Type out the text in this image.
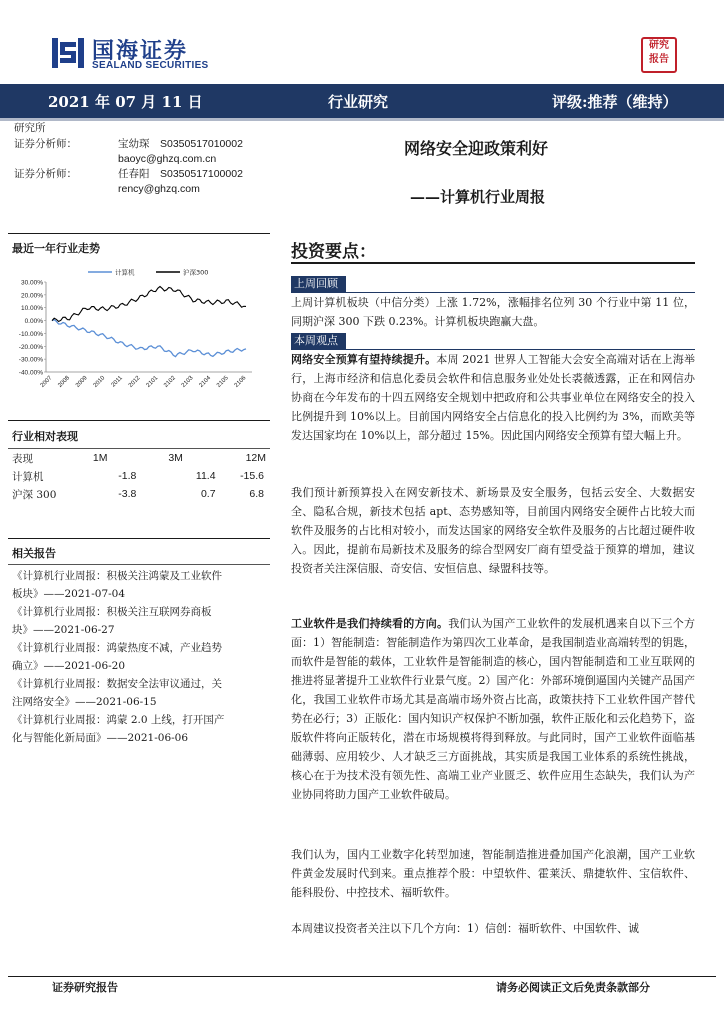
国海证券
SEALAND SECURITIES
研究 报告
2021 年 07 月 11 日	行业研究	评级:推荐（维持）
研究所
证券分析师：	宝幼琛 S0350517010002
baoyc@ghzq.com.cn
证券分析师：	任春阳 S0350517100002
rency@ghzq.com
网络安全迎政策利好
——计算机行业周报
最近一年行业走势
30.00%
20.00%
10.00%
0.00%
-10.00%
-20.00%
-30.00%
-40.00%
2007 2008 2009 2010 2011 2012 2101 2102 2103 2104 2105 2106
计算机	沪深300
行业相对表现
表现	1M	3M	12M
计算机	-1.8	11.4	-15.6
沪深 300	-3.8	0.7	6.8
相关报告
《计算机行业周报：积极关注鸿蒙及工业软件
板块》——2021-07-04
《计算机行业周报：积极关注互联网券商板
块》——2021-06-27
《计算机行业周报：鸿蒙热度不减，产业趋势
确立》——2021-06-20
《计算机行业周报：数据安全法审议通过，关
注网络安全》——2021-06-15
《计算机行业周报：鸿蒙 2.0 上线，打开国产
化与智能化新局面》——2021-06-06
投资要点：
上周回顾
上周计算机板块（中信分类）上涨 1.72%，涨幅排名位列 30 个行业中第 11 位，同期沪深 300 下跌 0.23%。计算机板块跑赢大盘。
本周观点
网络安全预算有望持续提升。本周 2021 世界人工智能大会安全高端对话在上海举行，上海市经济和信息化委员会软件和信息服务业处处长裘薇透露，正在和网信办协商在今年发布的十四五网络安全规划中把政府和公共事业单位在网络安全的投入比例提升到 10%以上。目前国内网络安全占信息化的投入比例约为 3%，而欧美等发达国家均在 10%以上，部分超过 15%。因此国内网络安全预算有望大幅上升。
我们预计新预算投入在网安新技术、新场景及安全服务，包括云安全、大数据安全、隐私合规，新技术包括 apt、态势感知等，目前国内网络安全硬件占比较大而软件及服务的占比相对较小，而发达国家的网络安全软件及服务的占比超过硬件收入。因此，提前布局新技术及服务的综合型网安厂商有望受益于预算的增加，建议投资者关注深信服、奇安信、安恒信息、绿盟科技等。
工业软件是我们持续看的方向。我们认为国产工业软件的发展机遇来自以下三个方面：1）智能制造：智能制造作为第四次工业革命，是我国制造业高端转型的钥匙，而软件是智能的载体，工业软件是智能制造的核心，国内智能制造和工业互联网的推进将显著提升工业软件行业景气度。2）国产化：外部环境倒逼国内关键产品国产化，我国工业软件市场尤其是高端市场外资占比高，政策扶持下工业软件国产替代势在必行；3）正版化：国内知识产权保护不断加强，软件正版化和云化趋势下，盗版软件将向正版转化，潜在市场规模将得到释放。与此同时，国产工业软件面临基础薄弱、应用较少、人才缺乏三方面挑战，其实质是我国工业体系的系统性挑战，核心在于为技术没有领先性、高端工业产业匮乏、软件应用生态缺失，我们认为产业协同将助力国产工业软件破局。
我们认为，国内工业数字化转型加速，智能制造推进叠加国产化浪潮，国产工业软件黄金发展时代到来。重点推荐个股：中望软件、霍莱沃、鼎捷软件、宝信软件、能科股份、中控技术、福昕软件。
本周建议投资者关注以下几个方向：1）信创：福昕软件、中国软件、诚
证券研究报告	请务必阅读正文后免责条款部分
